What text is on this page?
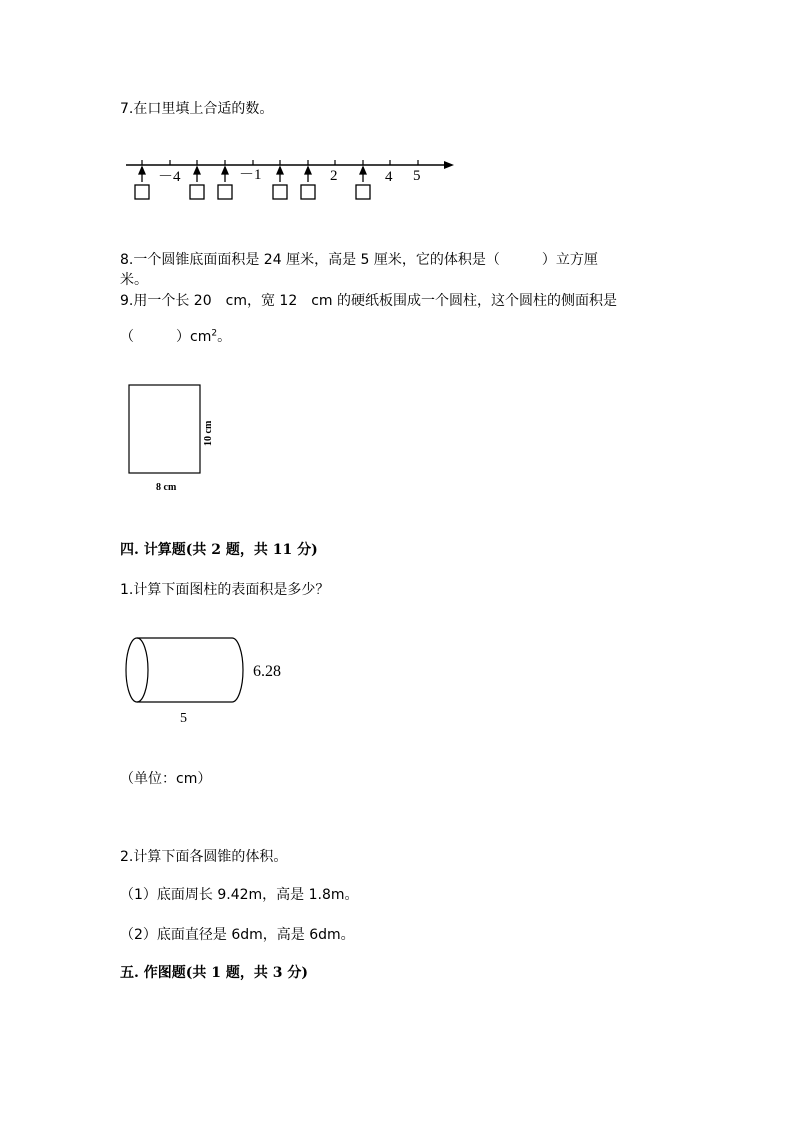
7.在口里填上合适的数。
－4	－1	2	4 5
8.一个圆锥底面面积是 24 厘米，高是 5 厘米，它的体积是（　　　）立方厘
米。
9.用一个长 20　cm，宽 12　cm 的硬纸板围成一个圆柱，这个圆柱的侧面积是
（　　　）$cm^2$。
10 cm
8 cm
四. 计算题(共 2 题，共 11 分)
1.计算下面图柱的表面积是多少？
6.28
5
（单位：cm）
2.计算下面各圆锥的体积。
（1）底面周长 9.42m，高是 1.8m。
（2）底面直径是 6dm，高是 6dm。
五. 作图题(共 1 题，共 3 分)
